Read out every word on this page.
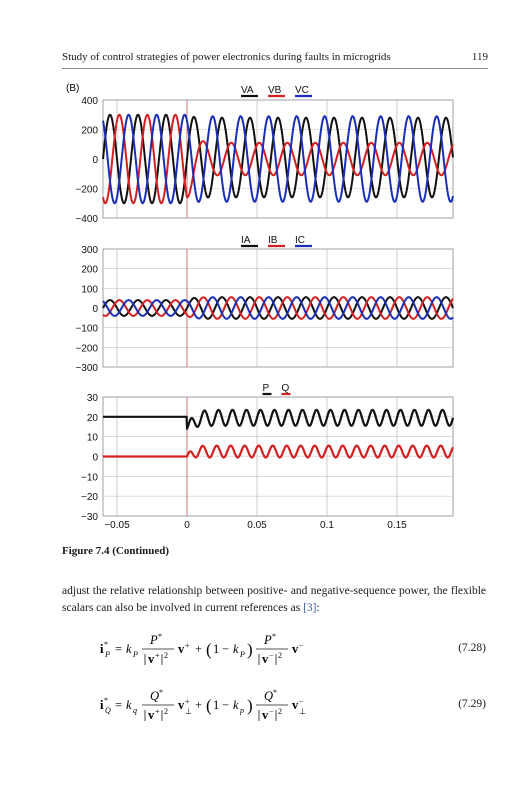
Study of control strategies of power electronics during faults in microgrids	119
(B)
400
200
0
−200
−400
VA VB VC
300
200
100
0
−100
−200
−300
IA IB IC
30
20
10
0
−10
−20
−30
P Q
−0.05	0	0.05	0.1	0.15
Figure 7.4 (Continued)
adjust the relative relationship between positive- and negative-sequence power, the flexible scalars can also be involved in current references as [3]:
i P
* = k P
P *
v + 2 v + + ( 1 − k P ) P *
v − 2 v −	(7.28)
i Q
* = k q
Q *
v + 2 v +
⊥ + ( 1 − k p ) Q *
v − 2 v −
⊥
(7.29)
